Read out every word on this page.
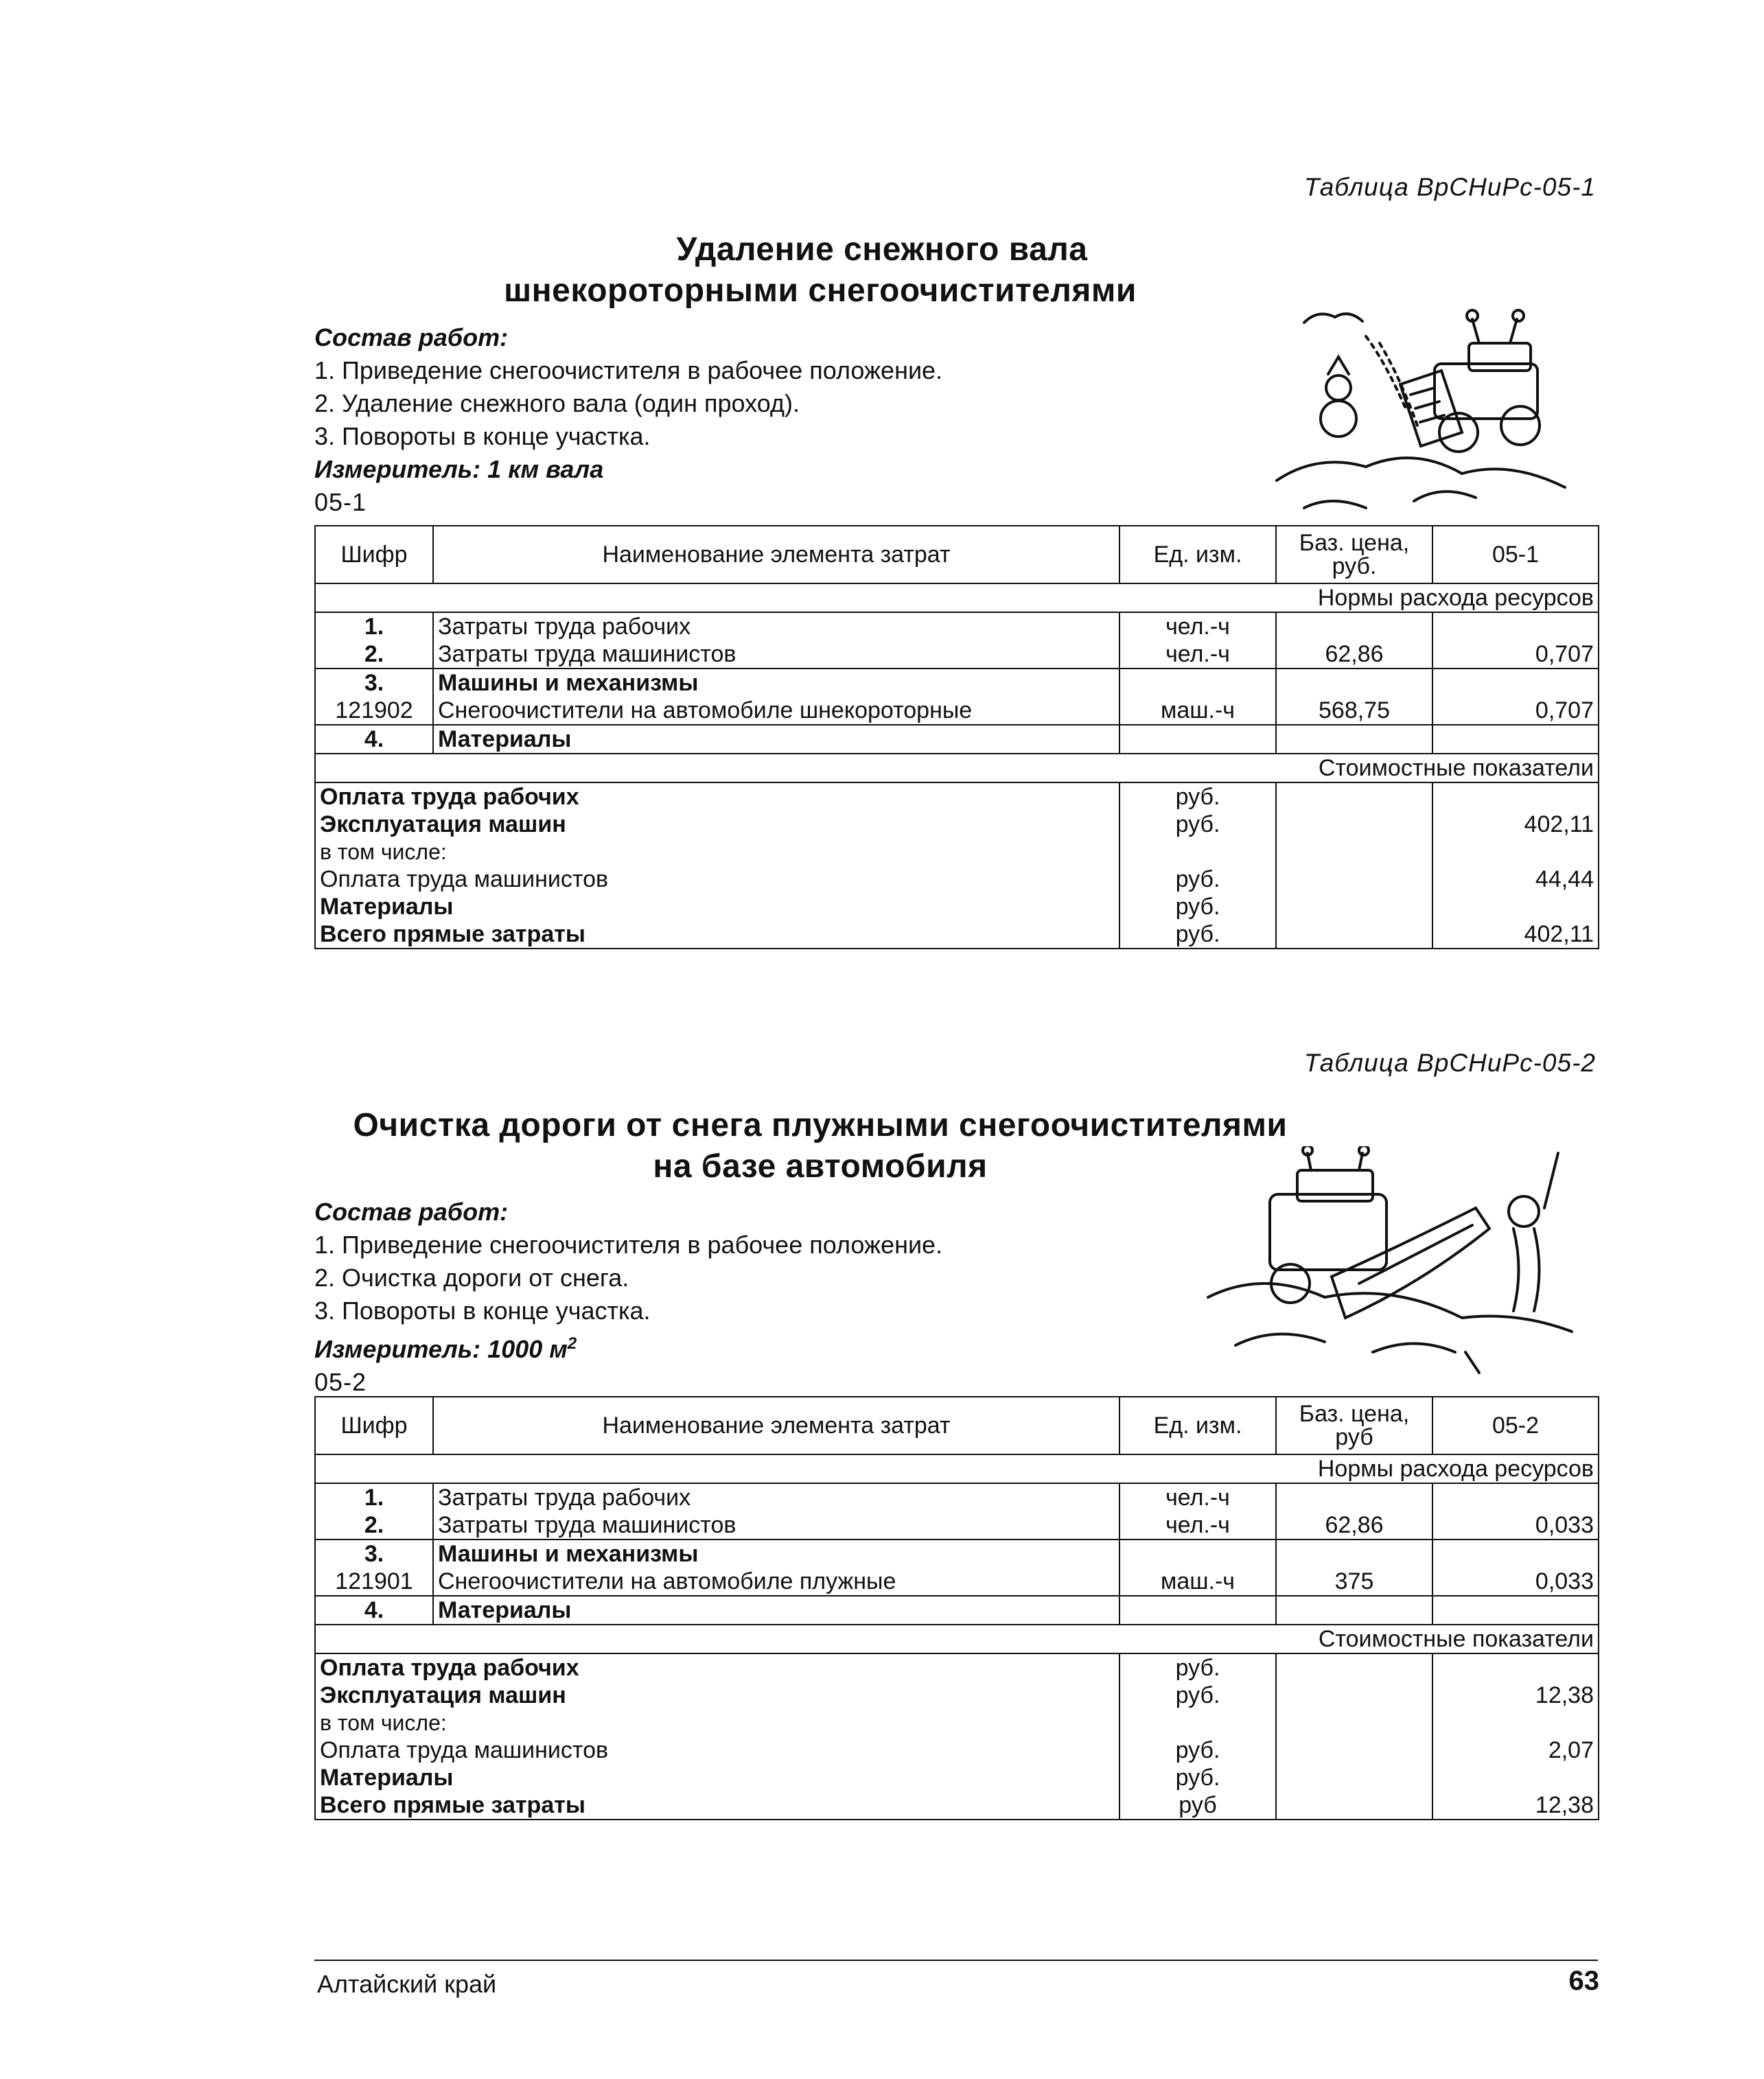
Таблица ВрСНиРс-05-1
Удаление снежного вала
шнекороторными снегоочистителями
Состав работ:
1. Приведение снегоочистителя в рабочее положение.
2. Удаление снежного вала (один проход).
3. Повороты в конце участка.
Измеритель: 1 км вала
05-1
Шифр	Наименование элемента затрат	Ед. изм.	Баз. цена, руб.	05-1
Нормы расхода ресурсов				
1.	Затраты труда рабочих	чел.-ч		
2.	Затраты труда машинистов	чел.-ч	62,86	0,707
3.	Машины и механизмы			
121902	Снегоочистители на автомобиле шнекороторные	маш.-ч	568,75	0,707
4.	Материалы			
Стоимостные показатели				
Оплата труда рабочих		руб.		
Эксплуатация машин		руб.		402,11
в том числе:				
Оплата труда машинистов		руб.		44,44
Материалы		руб.		
Всего прямые затраты		руб.		402,11
Таблица ВрСНиРс-05-2
Очистка дороги от снега плужными снегоочистителями
на базе автомобиля
Состав работ:
1. Приведение снегоочистителя в рабочее положение.
2. Очистка дороги от снега.
3. Повороты в конце участка.
Измеритель: 1000 $м^2$
05-2
Шифр	Наименование элемента затрат	Ед. изм.	Баз. цена, руб	05-2
Нормы расхода ресурсов				
1.	Затраты труда рабочих	чел.-ч		
2.	Затраты труда машинистов	чел.-ч	62,86	0,033
3.	Машины и механизмы			
121901	Снегоочистители на автомобиле плужные	маш.-ч	375	0,033
4.	Материалы			
Стоимостные показатели				
Оплата труда рабочих		руб.		
Эксплуатация машин		руб.		12,38
в том числе:				
Оплата труда машинистов		руб.		2,07
Материалы		руб.		
Всего прямые затраты		руб		12,38
Алтайский край	63
